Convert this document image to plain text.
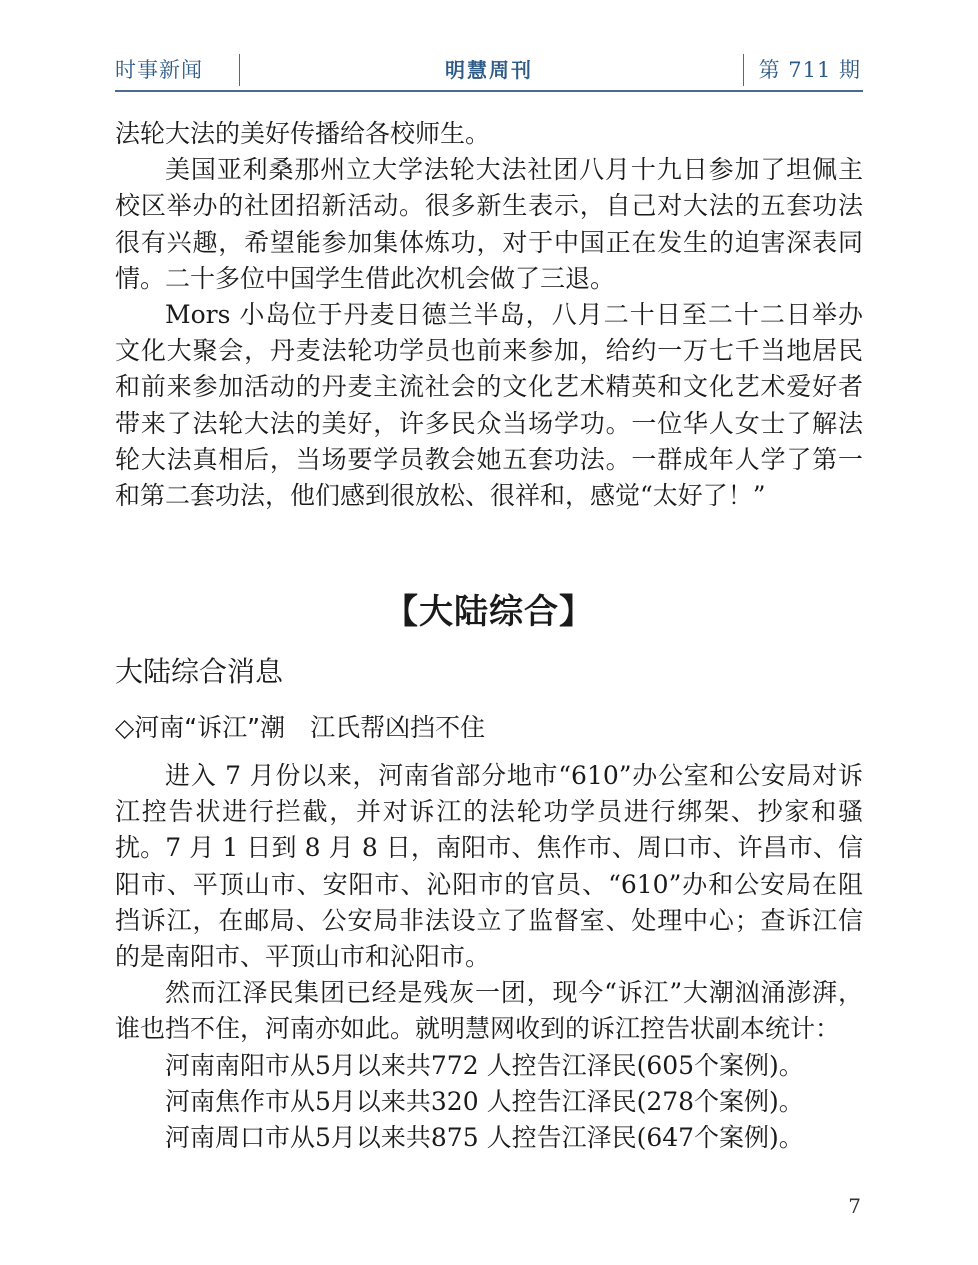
时事新闻	明慧周刊	第 711 期

法轮大法的美好传播给各校师生。

美国亚利桑那州立大学法轮大法社团八月十九日参加了坦佩主校区举办的社团招新活动。很多新生表示，自己对大法的五套功法很有兴趣，希望能参加集体炼功，对于中国正在发生的迫害深表同情。二十多位中国学生借此次机会做了三退。

Mors 小岛位于丹麦日德兰半岛，八月二十日至二十二日举办文化大聚会，丹麦法轮功学员也前来参加，给约一万七千当地居民和前来参加活动的丹麦主流社会的文化艺术精英和文化艺术爱好者带来了法轮大法的美好，许多民众当场学功。一位华人女士了解法轮大法真相后，当场要学员教会她五套功法。一群成年人学了第一和第二套功法，他们感到很放松、很祥和，感觉“太好了！”

【大陆综合】
大陆综合消息
◇河南“诉江”潮　江氏帮凶挡不住

进入 7 月份以来，河南省部分地市“610”办公室和公安局对诉江控告状进行拦截，并对诉江的法轮功学员进行绑架、抄家和骚扰。7 月 1 日到 8 月 8 日，南阳市、焦作市、周口市、许昌市、信阳市、平顶山市、安阳市、沁阳市的官员、“610”办和公安局在阻挡诉江，在邮局、公安局非法设立了监督室、处理中心；查诉江信的是南阳市、平顶山市和沁阳市。

然而江泽民集团已经是残灰一团，现今“诉江”大潮汹涌澎湃，谁也挡不住，河南亦如此。就明慧网收到的诉江控告状副本统计：

河南南阳市从5月以来共772 人控告江泽民(605个案例)。

河南焦作市从5月以来共320 人控告江泽民(278个案例)。

河南周口市从5月以来共875 人控告江泽民(647个案例)。

7
